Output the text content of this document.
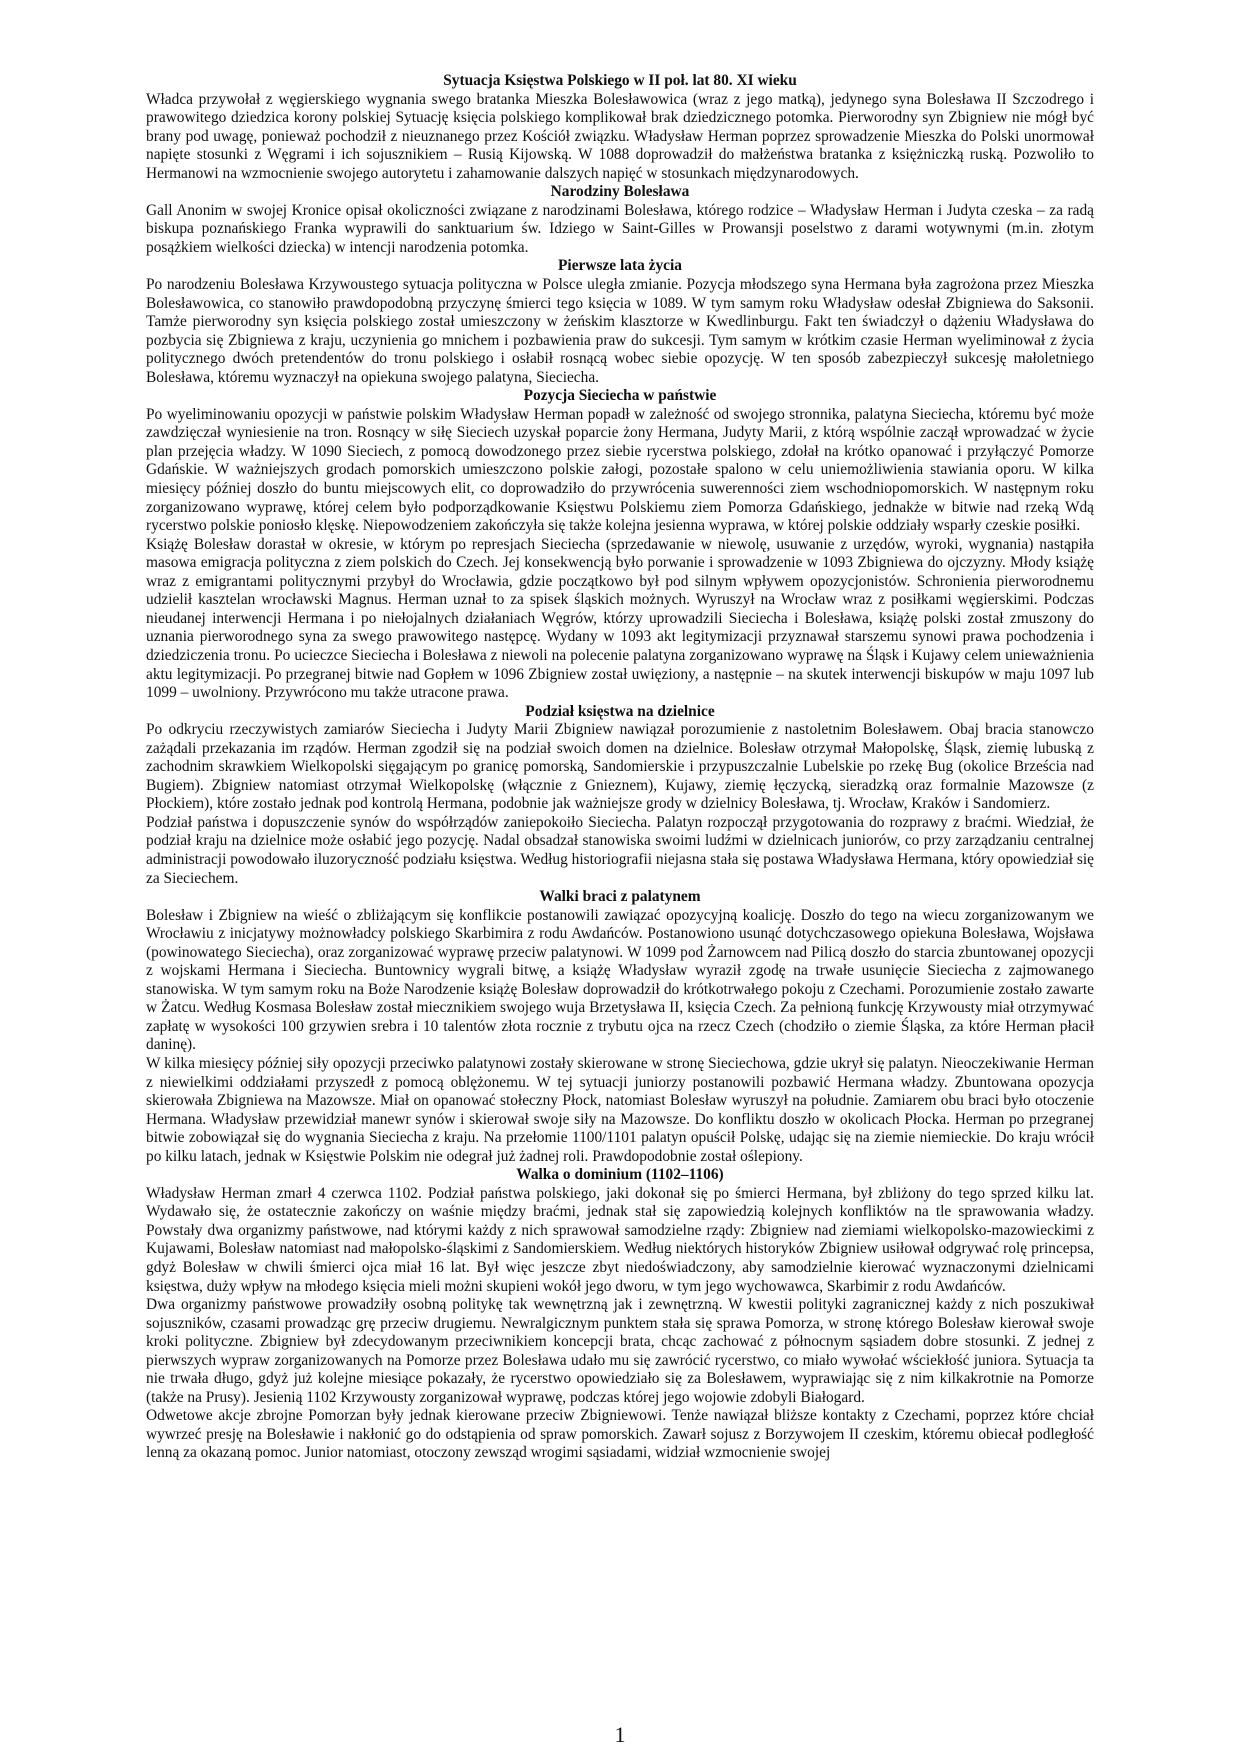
Sytuacja Księstwa Polskiego w II poł. lat 80. XI wieku

Władca przywołał z węgierskiego wygnania swego bratanka Mieszka Bolesławowica (wraz z jego matką), jedynego syna Bolesława II Szczodrego i prawowitego dziedzica korony polskiej Sytuację księcia polskiego komplikował brak dziedzicznego potomka. Pierworodny syn Zbigniew nie mógł być brany pod uwagę, ponieważ pochodził z nieuznanego przez Kościół związku. Władysław Herman poprzez sprowadzenie Mieszka do Polski unormował napięte stosunki z Węgrami i ich sojusznikiem – Rusią Kijowską. W 1088 doprowadził do małżeństwa bratanka z księżniczką ruską. Pozwoliło to Hermanowi na wzmocnienie swojego autorytetu i zahamowanie dalszych napięć w stosunkach międzynarodowych.

Narodziny Bolesława

Gall Anonim w swojej Kronice opisał okoliczności związane z narodzinami Bolesława, którego rodzice – Władysław Herman i Judyta czeska – za radą biskupa poznańskiego Franka wyprawili do sanktuarium św. Idziego w Saint-Gilles w Prowansji poselstwo z darami wotywnymi (m.in. złotym posążkiem wielkości dziecka) w intencji narodzenia potomka.

Pierwsze lata życia

Po narodzeniu Bolesława Krzywoustego sytuacja polityczna w Polsce uległa zmianie. Pozycja młodszego syna Hermana była zagrożona przez Mieszka Bolesławowica, co stanowiło prawdopodobną przyczynę śmierci tego księcia w 1089. W tym samym roku Władysław odesłał Zbigniewa do Saksonii. Tamże pierworodny syn księcia polskiego został umieszczony w żeńskim klasztorze w Kwedlinburgu. Fakt ten świadczył o dążeniu Władysława do pozbycia się Zbigniewa z kraju, uczynienia go mnichem i pozbawienia praw do sukcesji. Tym samym w krótkim czasie Herman wyeliminował z życia politycznego dwóch pretendentów do tronu polskiego i osłabił rosnącą wobec siebie opozycję. W ten sposób zabezpieczył sukcesję małoletniego Bolesława, któremu wyznaczył na opiekuna swojego palatyna, Sieciecha.

Pozycja Sieciecha w państwie

Po wyeliminowaniu opozycji w państwie polskim Władysław Herman popadł w zależność od swojego stronnika, palatyna Sieciecha, któremu być może zawdzięczał wyniesienie na tron. Rosnący w siłę Sieciech uzyskał poparcie żony Hermana, Judyty Marii, z którą wspólnie zaczął wprowadzać w życie plan przejęcia władzy. W 1090 Sieciech, z pomocą dowodzonego przez siebie rycerstwa polskiego, zdołał na krótko opanować i przyłączyć Pomorze Gdańskie. W ważniejszych grodach pomorskich umieszczono polskie załogi, pozostałe spalono w celu uniemożliwienia stawiania oporu. W kilka miesięcy później doszło do buntu miejscowych elit, co doprowadziło do przywrócenia suwerenności ziem wschodniopomorskich. W następnym roku zorganizowano wyprawę, której celem było podporządkowanie Księstwu Polskiemu ziem Pomorza Gdańskiego, jednakże w bitwie nad rzeką Wdą rycerstwo polskie poniosło klęskę. Niepowodzeniem zakończyła się także kolejna jesienna wyprawa, w której polskie oddziały wsparły czeskie posiłki.

Książę Bolesław dorastał w okresie, w którym po represjach Sieciecha (sprzedawanie w niewolę, usuwanie z urzędów, wyroki, wygnania) nastąpiła masowa emigracja polityczna z ziem polskich do Czech. Jej konsekwencją było porwanie i sprowadzenie w 1093 Zbigniewa do ojczyzny. Młody książę wraz z emigrantami politycznymi przybył do Wrocławia, gdzie początkowo był pod silnym wpływem opozycjonistów. Schronienia pierworodnemu udzielił kasztelan wrocławski Magnus. Herman uznał to za spisek śląskich możnych. Wyruszył na Wrocław wraz z posiłkami węgierskimi. Podczas nieudanej interwencji Hermana i po niełojalnych działaniach Węgrów, którzy uprowadzili Sieciecha i Bolesława, książę polski został zmuszony do uznania pierworodnego syna za swego prawowitego następcę. Wydany w 1093 akt legitymizacji przyznawał starszemu synowi prawa pochodzenia i dziedziczenia tronu. Po ucieczce Sieciecha i Bolesława z niewoli na polecenie palatyna zorganizowano wyprawę na Śląsk i Kujawy celem unieważnienia aktu legitymizacji. Po przegranej bitwie nad Gopłem w 1096 Zbigniew został uwięziony, a następnie – na skutek interwencji biskupów w maju 1097 lub 1099 – uwolniony. Przywrócono mu także utracone prawa.

Podział księstwa na dzielnice

Po odkryciu rzeczywistych zamiarów Sieciecha i Judyty Marii Zbigniew nawiązał porozumienie z nastoletnim Bolesławem. Obaj bracia stanowczo zażądali przekazania im rządów. Herman zgodził się na podział swoich domen na dzielnice. Bolesław otrzymał Małopolskę, Śląsk, ziemię lubuską z zachodnim skrawkiem Wielkopolski sięgającym po granicę pomorską, Sandomierskie i przypuszczalnie Lubelskie po rzekę Bug (okolice Brześcia nad Bugiem). Zbigniew natomiast otrzymał Wielkopolskę (włącznie z Gnieznem), Kujawy, ziemię łęczycką, sieradzką oraz formalnie Mazowsze (z Płockiem), które zostało jednak pod kontrolą Hermana, podobnie jak ważniejsze grody w dzielnicy Bolesława, tj. Wrocław, Kraków i Sandomierz.

Podział państwa i dopuszczenie synów do współrządów zaniepokoiło Sieciecha. Palatyn rozpoczął przygotowania do rozprawy z braćmi. Wiedział, że podział kraju na dzielnice może osłabić jego pozycję. Nadal obsadzał stanowiska swoimi ludźmi w dzielnicach juniorów, co przy zarządzaniu centralnej administracji powodowało iluzoryczność podziału księstwa. Według historiografii niejasna stała się postawa Władysława Hermana, który opowiedział się za Sieciechem.

Walki braci z palatynem

Bolesław i Zbigniew na wieść o zbliżającym się konflikcie postanowili zawiązać opozycyjną koalicję. Doszło do tego na wiecu zorganizowanym we Wrocławiu z inicjatywy możnowładcy polskiego Skarbimira z rodu Awdańców. Postanowiono usunąć dotychczasowego opiekuna Bolesława, Wojsława (powinowatego Sieciecha), oraz zorganizować wyprawę przeciw palatynowi. W 1099 pod Żarnowcem nad Pilicą doszło do starcia zbuntowanej opozycji z wojskami Hermana i Sieciecha. Buntownicy wygrali bitwę, a książę Władysław wyraził zgodę na trwałe usunięcie Sieciecha z zajmowanego stanowiska. W tym samym roku na Boże Narodzenie książę Bolesław doprowadził do krótkotrwałego pokoju z Czechami. Porozumienie zostało zawarte w Żatcu. Według Kosmasa Bolesław został miecznikiem swojego wuja Brzetysława II, księcia Czech. Za pełnioną funkcję Krzywousty miał otrzymywać zapłatę w wysokości 100 grzywien srebra i 10 talentów złota rocznie z trybutu ojca na rzecz Czech (chodziło o ziemie Śląska, za które Herman płacił daninę).

W kilka miesięcy później siły opozycji przeciwko palatynowi zostały skierowane w stronę Sieciechowa, gdzie ukrył się palatyn. Nieoczekiwanie Herman z niewielkimi oddziałami przyszedł z pomocą oblężonemu. W tej sytuacji juniorzy postanowili pozbawić Hermana władzy. Zbuntowana opozycja skierowała Zbigniewa na Mazowsze. Miał on opanować stołeczny Płock, natomiast Bolesław wyruszył na południe. Zamiarem obu braci było otoczenie Hermana. Władysław przewidział manewr synów i skierował swoje siły na Mazowsze. Do konfliktu doszło w okolicach Płocka. Herman po przegranej bitwie zobowiązał się do wygnania Sieciecha z kraju. Na przełomie 1100/1101 palatyn opuścił Polskę, udając się na ziemie niemieckie. Do kraju wrócił po kilku latach, jednak w Księstwie Polskim nie odegrał już żadnej roli. Prawdopodobnie został oślepiony.

Walka o dominium (1102–1106)

Władysław Herman zmarł 4 czerwca 1102. Podział państwa polskiego, jaki dokonał się po śmierci Hermana, był zbliżony do tego sprzed kilku lat. Wydawało się, że ostatecznie zakończy on waśnie między braćmi, jednak stał się zapowiedzią kolejnych konfliktów na tle sprawowania władzy. Powstały dwa organizmy państwowe, nad którymi każdy z nich sprawował samodzielne rządy: Zbigniew nad ziemiami wielkopolsko-mazowieckimi z Kujawami, Bolesław natomiast nad małopolsko-śląskimi z Sandomierskiem. Według niektórych historyków Zbigniew usiłował odgrywać rolę princepsa, gdyż Bolesław w chwili śmierci ojca miał 16 lat. Był więc jeszcze zbyt niedoświadczony, aby samodzielnie kierować wyznaczonymi dzielnicami księstwa, duży wpływ na młodego księcia mieli możni skupieni wokół jego dworu, w tym jego wychowawca, Skarbimir z rodu Awdańców.

Dwa organizmy państwowe prowadziły osobną politykę tak wewnętrzną jak i zewnętrzną. W kwestii polityki zagranicznej każdy z nich poszukiwał sojuszników, czasami prowadząc grę przeciw drugiemu. Newralgicznym punktem stała się sprawa Pomorza, w stronę którego Bolesław kierował swoje kroki polityczne. Zbigniew był zdecydowanym przeciwnikiem koncepcji brata, chcąc zachować z północnym sąsiadem dobre stosunki. Z jednej z pierwszych wypraw zorganizowanych na Pomorze przez Bolesława udało mu się zawrócić rycerstwo, co miało wywołać wściekłość juniora. Sytuacja ta nie trwała długo, gdyż już kolejne miesiące pokazały, że rycerstwo opowiedziało się za Bolesławem, wyprawiając się z nim kilkakrotnie na Pomorze (także na Prusy). Jesienią 1102 Krzywousty zorganizował wyprawę, podczas której jego wojowie zdobyli Białogard.

Odwetowe akcje zbrojne Pomorzan były jednak kierowane przeciw Zbigniewowi. Tenże nawiązał bliższe kontakty z Czechami, poprzez które chciał wywrzeć presję na Bolesławie i nakłonić go do odstąpienia od spraw pomorskich. Zawarł sojusz z Borzywojem II czeskim, któremu obiecał podległość lenną za okazaną pomoc. Junior natomiast, otoczony zewsząd wrogimi sąsiadami, widział wzmocnienie swojej

1
